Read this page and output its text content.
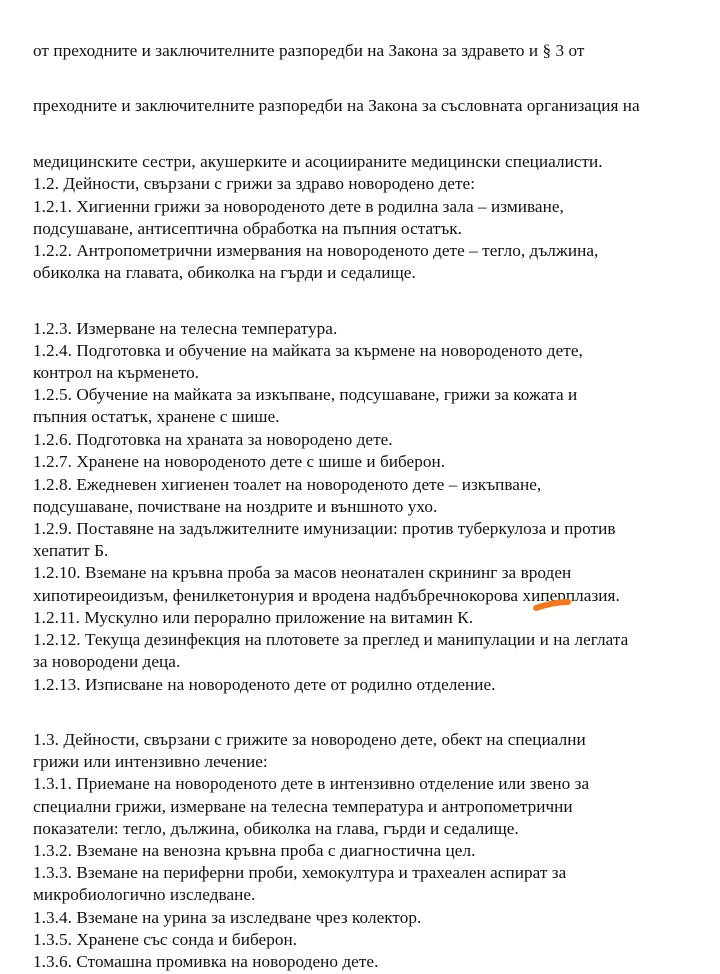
от преходните и заключителните разпоредби на Закона за здравето и § 3 от
преходните и заключителните разпоредби на Закона за съсловната организация на
медицинските сестри, акушерките и асоциираните медицински специалисти.
1.2. Дейности, свързани с грижи за здраво новородено дете:
1.2.1. Хигиенни грижи за новороденото дете в родилна зала – измиване,
подсушаване, антисептична обработка на пъпния остатък.
1.2.2. Антропометрични измервания на новороденото дете – тегло, дължина,
обиколка на главата, обиколка на гърди и седалище.
1.2.3. Измерване на телесна температура.
1.2.4. Подготовка и обучение на майката за кърмене на новороденото дете,
контрол на кърменето.
1.2.5. Обучение на майката за изкъпване, подсушаване, грижи за кожата и
пъпния остатък, хранене с шише.
1.2.6. Подготовка на храната за новородено дете.
1.2.7. Хранене на новороденото дете с шише и биберон.
1.2.8. Ежедневен хигиенен тоалет на новороденото дете – изкъпване,
подсушаване, почистване на ноздрите и външното ухо.
1.2.9. Поставяне на задължителните имунизации: против туберкулоза и против
хепатит Б.
1.2.10. Вземане на кръвна проба за масов неонатален скрининг за вроден
хипотиреоидизъм, фенилкетонурия и вродена надбъбречнокорова хиперплазия.
1.2.11. Мускулно или перорално приложение на витамин К.
1.2.12. Текуща дезинфекция на плотовете за преглед и манипулации и на леглата
за новородени деца.
1.2.13. Изписване на новороденото дете от родилно отделение.
1.3. Дейности, свързани с грижите за новородено дете, обект на специални
грижи или интензивно лечение:
1.3.1. Приемане на новороденото дете в интензивно отделение или звено за
специални грижи, измерване на телесна температура и антропометрични
показатели: тегло, дължина, обиколка на глава, гърди и седалище.
1.3.2. Вземане на венозна кръвна проба с диагностична цел.
1.3.3. Вземане на периферни проби, хемокултура и трахеален аспират за
микробиологично изследване.
1.3.4. Вземане на урина за изследване чрез колектор.
1.3.5. Хранене със сонда и биберон.
1.3.6. Стомашна промивка на новородено дете.
